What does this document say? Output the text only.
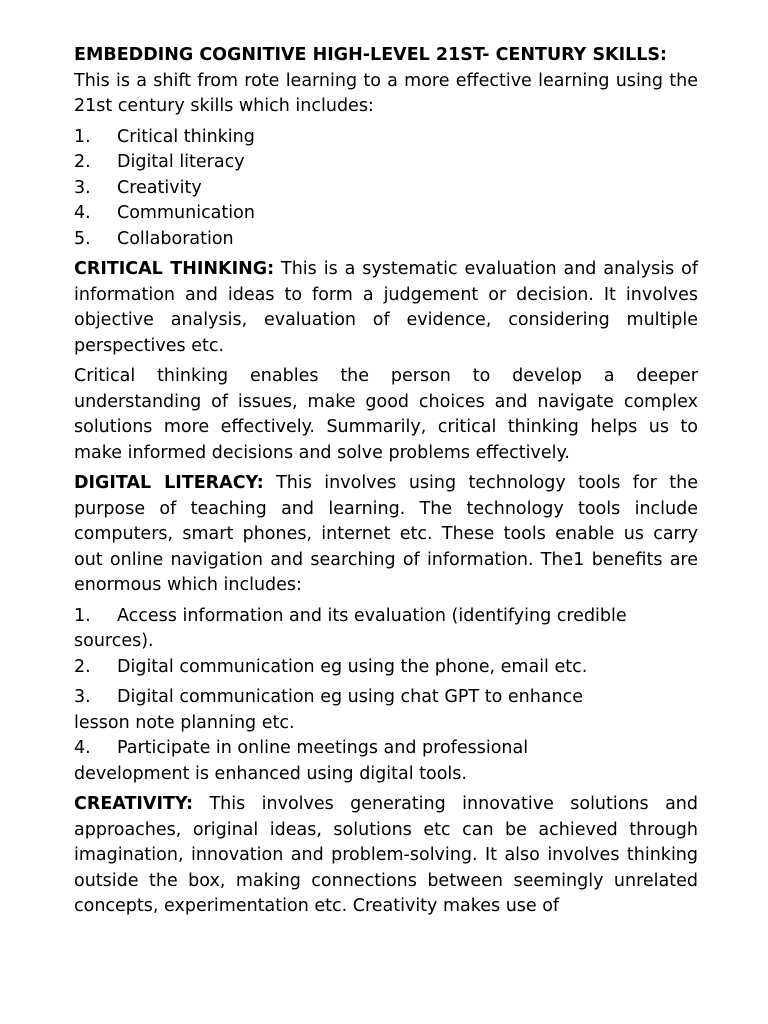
EMBEDDING COGNITIVE HIGH-LEVEL 21ST- CENTURY SKILLS:

This is a shift from rote learning to a more effective learning using the 21st century skills which includes:

1. Critical thinking
2. Digital literacy
3. Creativity
4. Communication
5. Collaboration

CRITICAL THINKING: This is a systematic evaluation and analysis of information and ideas to form a judgement or decision. It involves objective analysis, evaluation of evidence, considering multiple perspectives etc.

Critical thinking enables the person to develop a deeper understanding of issues, make good choices and navigate complex solutions more effectively. Summarily, critical thinking helps us to make informed decisions and solve problems effectively.

DIGITAL LITERACY: This involves using technology tools for the purpose of teaching and learning. The technology tools include computers, smart phones, internet etc. These tools enable us carry out online navigation and searching of information. The1 benefits are enormous which includes:

1. Access information and its evaluation (identifying credible
sources).
2. Digital communication eg using the phone, email etc.
3. Digital communication eg using chat GPT to enhance
lesson note planning etc.
4. Participate in online meetings and professional
development is enhanced using digital tools.

CREATIVITY: This involves generating innovative solutions and approaches, original ideas, solutions etc can be achieved through imagination, innovation and problem-solving. It also involves thinking outside the box, making connections between seemingly unrelated concepts, experimentation etc. Creativity makes use of
